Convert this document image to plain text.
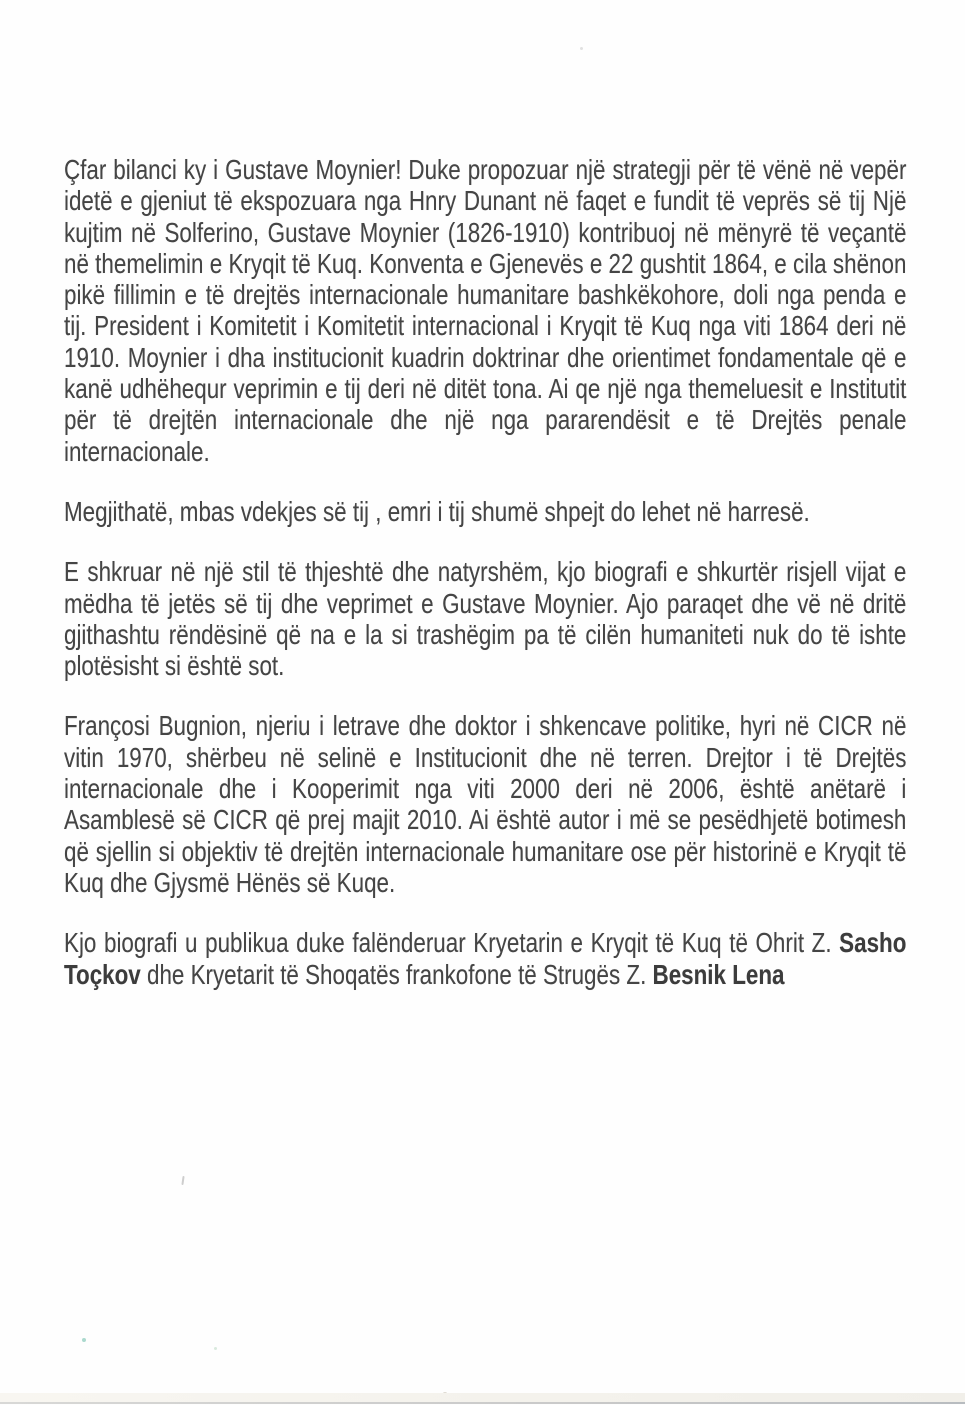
Çfar bilanci ky i Gustave Moynier! Duke propozuar një strategji për të vënë në vepër idetë e gjeniut të ekspozuara nga Hnry Dunant në faqet e fundit të veprës së tij Një kujtim në Solferino, Gustave Moynier (1826-1910) kontribuoj në mënyrë të veçantë në themelimin e Kryqit të Kuq. Konventa e Gjenevës e 22 gushtit 1864, e cila shënon pikë fillimin e të drejtës internacionale humanitare bashkëkohore, doli nga penda e tij. President i Komitetit i Komitetit internacional i Kryqit të Kuq nga viti 1864 deri në 1910. Moynier i dha institucionit kuadrin doktrinar dhe orientimet fondamentale që e kanë udhëhequr veprimin e tij deri në ditët tona. Ai qe një nga themeluesit e Institutit për të drejtën internacionale dhe një nga pararendësit e të Drejtës penale internacionale.

Megjithatë, mbas vdekjes së tij , emri i tij shumë shpejt do lehet në harresë.

E shkruar në një stil të thjeshtë dhe natyrshëm, kjo biografi e shkurtër risjell vijat e mëdha të jetës së tij dhe veprimet e Gustave Moynier. Ajo paraqet dhe vë në dritë gjithashtu rëndësinë që na e la si trashëgim pa të cilën humaniteti nuk do të ishte plotësisht si është sot.

Françosi Bugnion, njeriu i letrave dhe doktor i shkencave politike, hyri në CICR në vitin 1970, shërbeu në selinë e Institucionit dhe në terren. Drejtor i të Drejtës internacionale dhe i Kooperimit nga viti 2000 deri në 2006, është anëtarë i Asamblesë së CICR që prej majit 2010. Ai është autor i më se pesëdhjetë botimesh që sjellin si objektiv të drejtën internacionale humanitare ose për historinë e Kryqit të Kuq dhe Gjysmë Hënës së Kuqe.

Kjo biografi u publikua duke falënderuar Kryetarin e Kryqit të Kuq të Ohrit Z. Sasho Toçkov dhe Kryetarit të Shoqatës frankofone të Strugës Z. Besnik Lena
